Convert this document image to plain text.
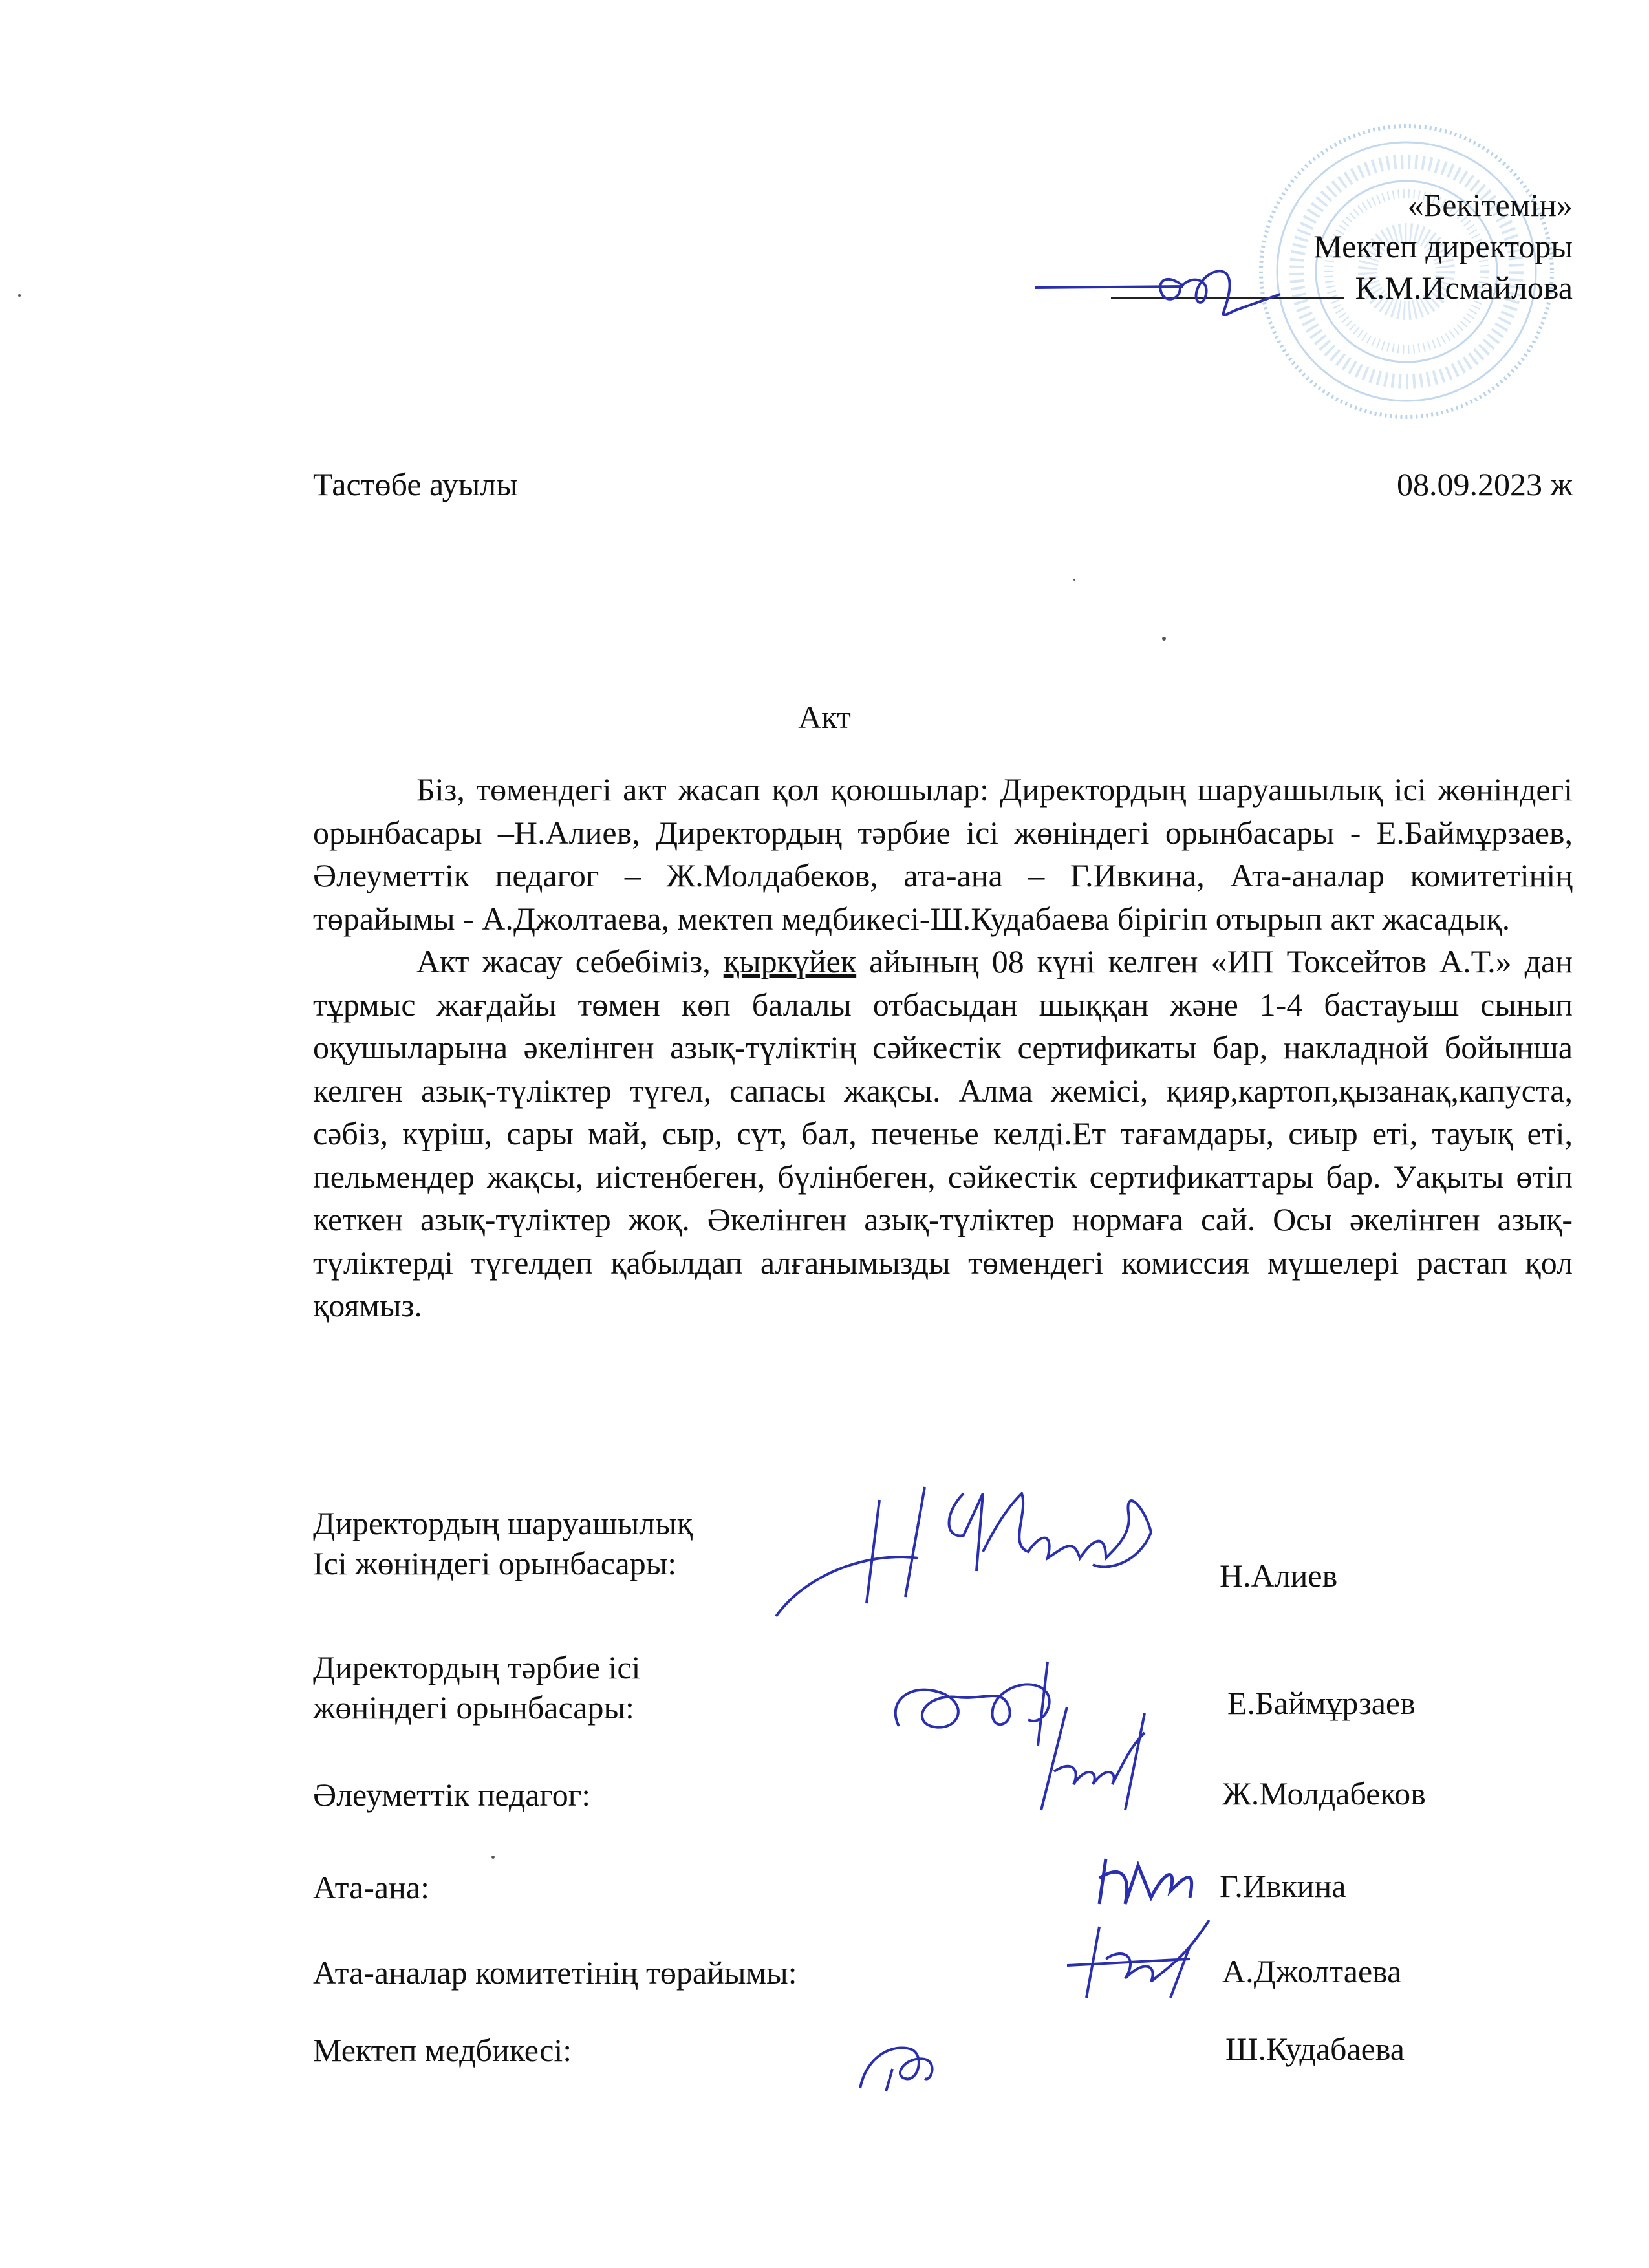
«Бекітемін»
Мектеп директоры
К.М.Исмайлова
Тастөбе ауылы	08.09.2023 ж
Акт

Біз, төмендегі акт жасап қол қоюшылар: Директордың шаруашылық ісі жөніндегі орынбасары –Н.Алиев, Директордың тәрбие ісі жөніндегі орынбасары - Е.Баймұрзаев, Әлеуметтік педагог – Ж.Молдабеков, ата-ана – Г.Ивкина, Ата-аналар комитетінің төрайымы - А.Джолтаева, мектеп медбикесі-Ш.Кудабаева бірігіп отырып акт жасадық.

Акт жасау себебіміз, қыркүйек айының 08 күні келген «ИП Токсейтов А.Т.» дан тұрмыс жағдайы төмен көп балалы отбасыдан шыққан және 1-4 бастауыш сынып оқушыларына әкелінген азық-түліктің сәйкестік сертификаты бар, накладной бойынша келген азық-түліктер түгел, сапасы жақсы. Алма жемісі, қияр,картоп,қызанақ,капуста, сәбіз, күріш, сары май, сыр, сүт, бал, печенье келді.Ет тағамдары, сиыр еті, тауық еті, пельмендер жақсы, иістенбеген, бүлінбеген, сәйкестік сертификаттары бар. Уақыты өтіп кеткен азық-түліктер жоқ. Әкелінген азық-түліктер нормаға сай. Осы әкелінген азық-түліктерді түгелдеп қабылдап алғанымызды төмендегі комиссия мүшелері растап қол қоямыз.

Директордың шаруашылық
Ісі жөніндегі орынбасары:	Н.Алиев
Директордың тәрбие ісі
жөніндегі орынбасары:	Е.Баймұрзаев
Әлеуметтік педагог:	Ж.Молдабеков
Ата-ана:	Г.Ивкина
Ата-аналар комитетінің төрайымы:	А.Джолтаева
Мектеп медбикесі:	Ш.Кудабаева
